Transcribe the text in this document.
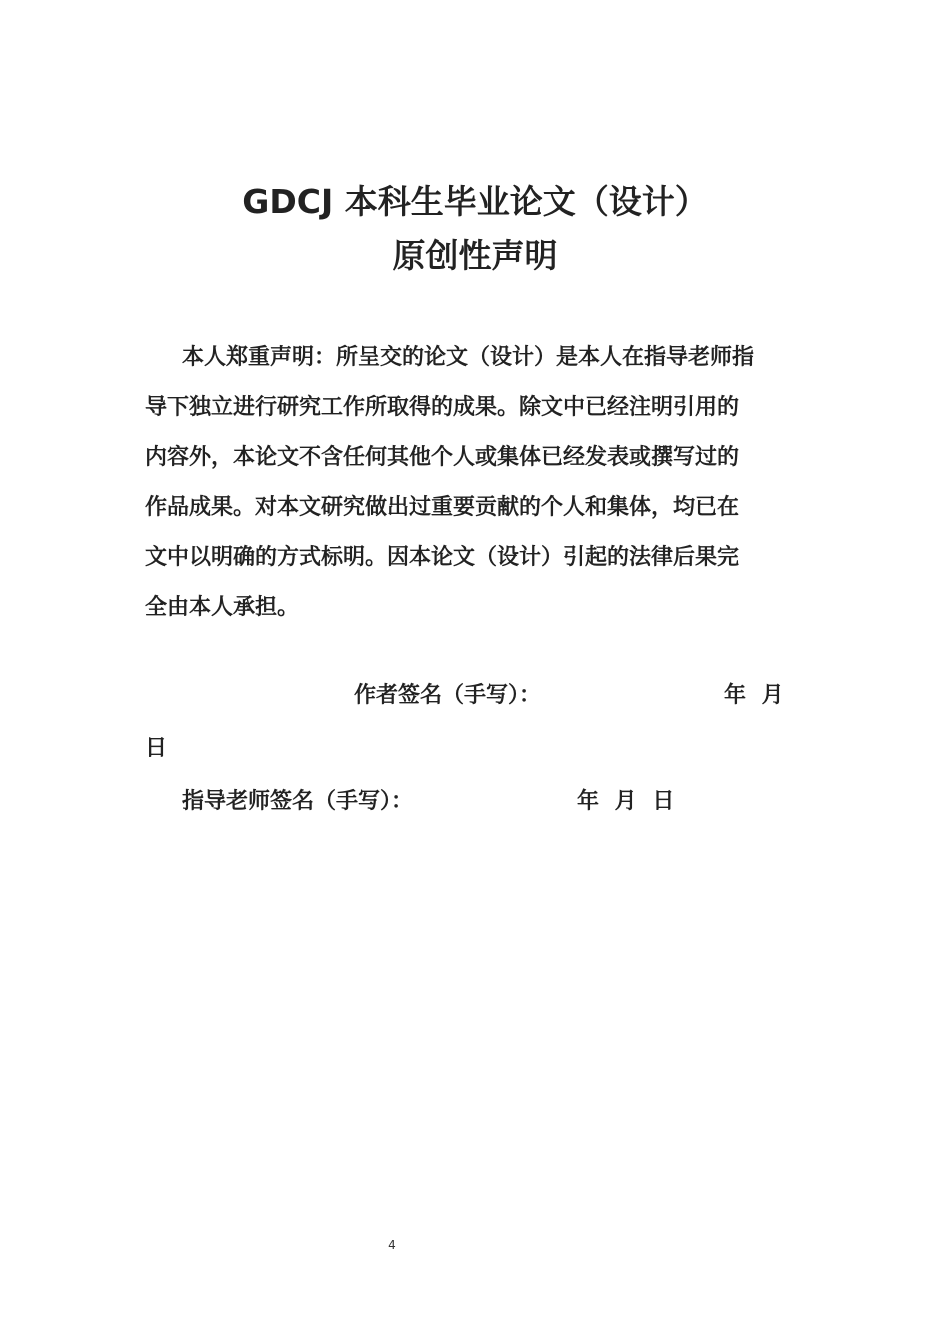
GDCJ 本科生毕业论文（设计）
原创性声明
本人郑重声明：所呈交的论文（设计）是本人在指导老师指
导下独立进行研究工作所取得的成果。除文中已经注明引用的
内容外，本论文不含任何其他个人或集体已经发表或撰写过的
作品成果。对本文研究做出过重要贡献的个人和集体，均已在
文中以明确的方式标明。因本论文（设计）引起的法律后果完
全由本人承担。
作者签名（手写）：	年 月
日
指导老师签名（手写）：	年 月 日
4
